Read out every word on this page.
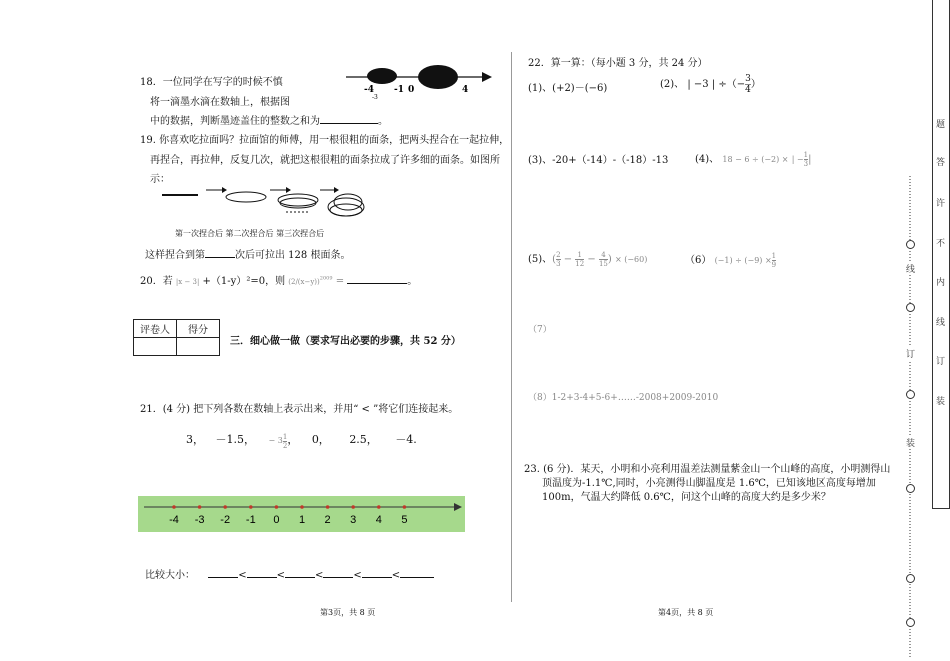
18．一位同学在写字的时候不慎
将一滴墨水滴在数轴上，根据图
中的数据，判断墨迹盖住的整数之和为	。
-4 -1 0	4
-3
19. 你喜欢吃拉面吗？拉面馆的师傅，用一根很粗的面条，把两头捏合在一起拉伸，
再捏合，再拉伸，反复几次，就把这根很粗的面条拉成了许多细的面条。如图所
示：
第一次捏合后 第二次捏合后 第三次捏合后
这样捏合到第	次后可拉出 128 根面条。
20．若 |x − 3| +（1-y）²=0，则 $(2/(x-y))^{2009}$ =	。
评卷人	得分

三．细心做一做（要求写出必要的步骤，共 52 分）
21．(4 分) 把下列各数在数轴上表示出来，并用“ < ”将它们连接起来。
3， －1.5， − $3 \frac{1}{2}$ ， 0， 2.5， －4.
-4 -3 -2 -1 0 1 2 3 4 5
比较大小：	<	<	<	<	<
第3页，共 8 页
22．算一算：（每小题 3 分，共 24 分）
(1)、(+2)－(−6)	(2)、 | −3 | ÷（− $\frac{3}{4}$ ）
(3)、-20+（-14）-（-18）-13	(4)、 18 − 6 ÷ (−2) × | − $\frac{1}{3}$ |
(5)、( $\frac{2}{3} - \frac{1}{12} - \frac{4}{15}$ ) × (−60)	（6） $(-1) \div (-9) \times \frac{1}{9}$
（7）
（8）1-2+3-4+5-6+……-2008+2009-2010
23. (6 分)．某天，小明和小亮利用温差法测量紫金山一个山峰的高度，小明测得山
顶温度为-1.1℃,同时，小亮测得山脚温度是 1.6℃，已知该地区高度每增加
100m，气温大约降低 0.6℃，问这个山峰的高度大约是多少米？
第4页，共 8 页
线
订
装
题
答
许
不
内
线
订
装
